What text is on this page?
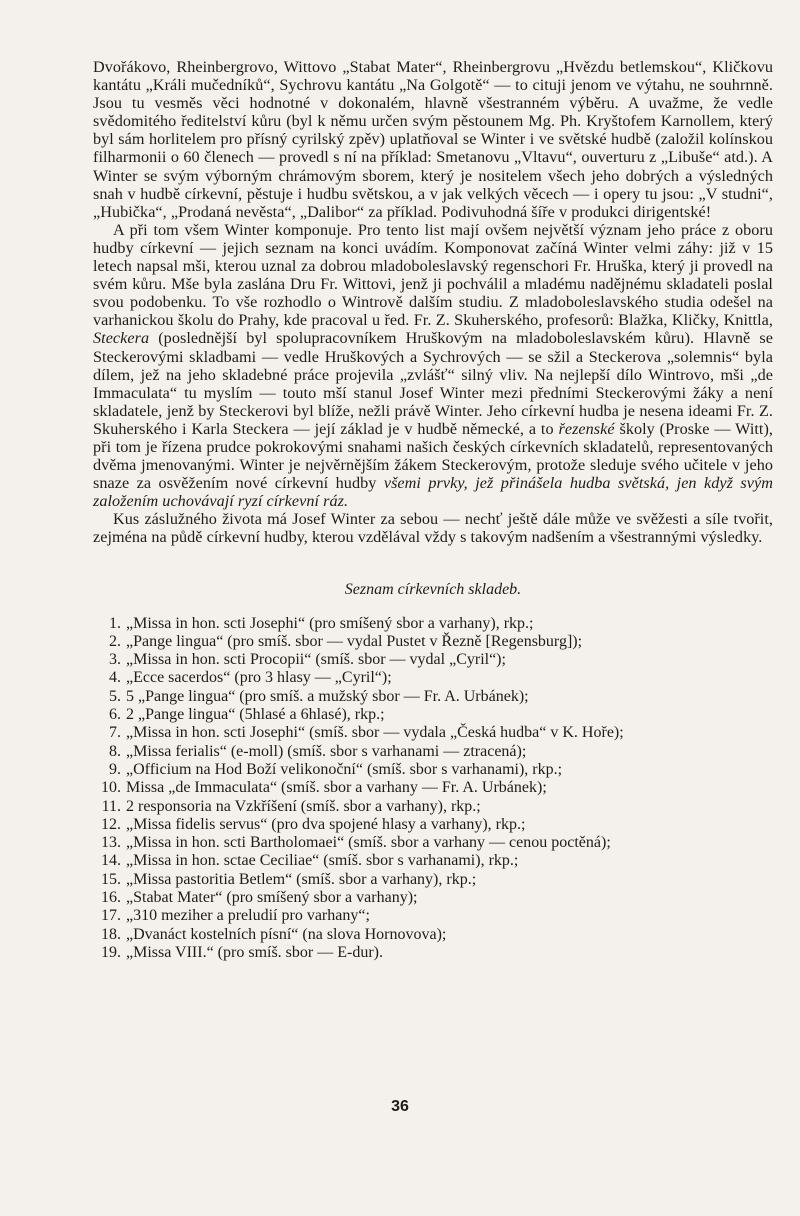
Dvořákovo, Rheinbergrovo, Wittovo „Stabat Mater“, Rheinbergrovu „Hvězdu betlemskou“, Kličkovu kantátu „Králi mučedníků“, Sychrovu kantátu „Na Golgotě“ — to cituji jenom ve výtahu, ne souhrnně. Jsou tu vesměs věci hodnotné v dokonalém, hlavně všestranném výběru. A uvažme, že vedle svědomitého ředitelství kůru (byl k němu určen svým pěstounem Mg. Ph. Kryštofem Karnollem, který byl sám horlitelem pro přísný cyrilský zpěv) uplatňoval se Winter i ve světské hudbě (založil kolínskou filharmonii o 60 členech — provedl s ní na příklad: Smetanovu „Vltavu“, ouverturu z „Libuše“ atd.). A Winter se svým výborným chrámovým sborem, který je nositelem všech jeho dobrých a výsledných snah v hudbě církevní, pěstuje i hudbu světskou, a v jak velkých věcech — i opery tu jsou: „V studni“, „Hubička“, „Prodaná nevěsta“, „Dalibor“ za příklad. Podivuhodná šíře v produkci dirigentské!

A při tom všem Winter komponuje. Pro tento list mají ovšem největší význam jeho práce z oboru hudby církevní — jejich seznam na konci uvádím. Komponovat začíná Winter velmi záhy: již v 15 letech napsal mši, kterou uznal za dobrou mladoboleslavský regenschori Fr. Hruška, který ji provedl na svém kůru. Mše byla zaslána Dru Fr. Wittovi, jenž ji pochválil a mladému nadějnému skladateli poslal svou podobenku. To vše rozhodlo o Wintrově dalším studiu. Z mladoboleslavského studia odešel na varhanickou školu do Prahy, kde pracoval u řed. Fr. Z. Skuherského, profesorů: Blažka, Kličky, Knittla, Steckera (poslednější byl spolupracovníkem Hruškovým na mladoboleslavském kůru). Hlavně se Steckerovými skladbami — vedle Hruškových a Sychrových — se sžil a Steckerova „solemnis“ byla dílem, jež na jeho skladebné práce projevila „zvlášť“ silný vliv. Na nejlepší dílo Wintrovo, mši „de Immaculata“ tu myslím — touto mší stanul Josef Winter mezi předními Steckerovými žáky a není skladatele, jenž by Steckerovi byl blíže, nežli právě Winter. Jeho církevní hudba je nesena ideami Fr. Z. Skuherského i Karla Steckera — její základ je v hudbě německé, a to řezenské školy (Proske — Witt), při tom je řízena prudce pokrokovými snahami našich českých církevních skladatelů, representovaných dvěma jmenovanými. Winter je nejvěrnějším žákem Steckerovým, protože sleduje svého učitele v jeho snaze za osvěžením nové církevní hudby všemi prvky, jež přinášela hudba světská, jen když svým založením uchovávají ryzí církevní ráz.

Kus záslužného života má Josef Winter za sebou — nechť ještě dále může ve svěžesti a síle tvořit, zejména na půdě církevní hudby, kterou vzdělával vždy s takovým nadšením a všestrannými výsledky.

Seznam církevních skladeb.
1. „Missa in hon. scti Josephi“ (pro smíšený sbor a varhany), rkp.;
2. „Pange lingua“ (pro smíš. sbor — vydal Pustet v Řezně [Regensburg]);
3. „Missa in hon. scti Procopii“ (smíš. sbor — vydal „Cyril“);
4. „Ecce sacerdos“ (pro 3 hlasy — „Cyril“);
5. 5 „Pange lingua“ (pro smíš. a mužský sbor — Fr. A. Urbánek);
6. 2 „Pange lingua“ (5hlasé a 6hlasé), rkp.;
7. „Missa in hon. scti Josephi“ (smíš. sbor — vydala „Česká hudba“ v K. Hoře);
8. „Missa ferialis“ (e-moll) (smíš. sbor s varhanami — ztracená);
9. „Officium na Hod Boží velikonoční“ (smíš. sbor s varhanami), rkp.;
10. Missa „de Immaculata“ (smíš. sbor a varhany — Fr. A. Urbánek);
11. 2 responsoria na Vzkříšení (smíš. sbor a varhany), rkp.;
12. „Missa fidelis servus“ (pro dva spojené hlasy a varhany), rkp.;
13. „Missa in hon. scti Bartholomaei“ (smíš. sbor a varhany — cenou poctěná);
14. „Missa in hon. sctae Ceciliae“ (smíš. sbor s varhanami), rkp.;
15. „Missa pastoritia Betlem“ (smíš. sbor a varhany), rkp.;
16. „Stabat Mater“ (pro smíšený sbor a varhany);
17. „310 meziher a preludií pro varhany“;
18. „Dvanáct kostelních písní“ (na slova Hornovova);
19. „Missa VIII.“ (pro smíš. sbor — E-dur).
36
